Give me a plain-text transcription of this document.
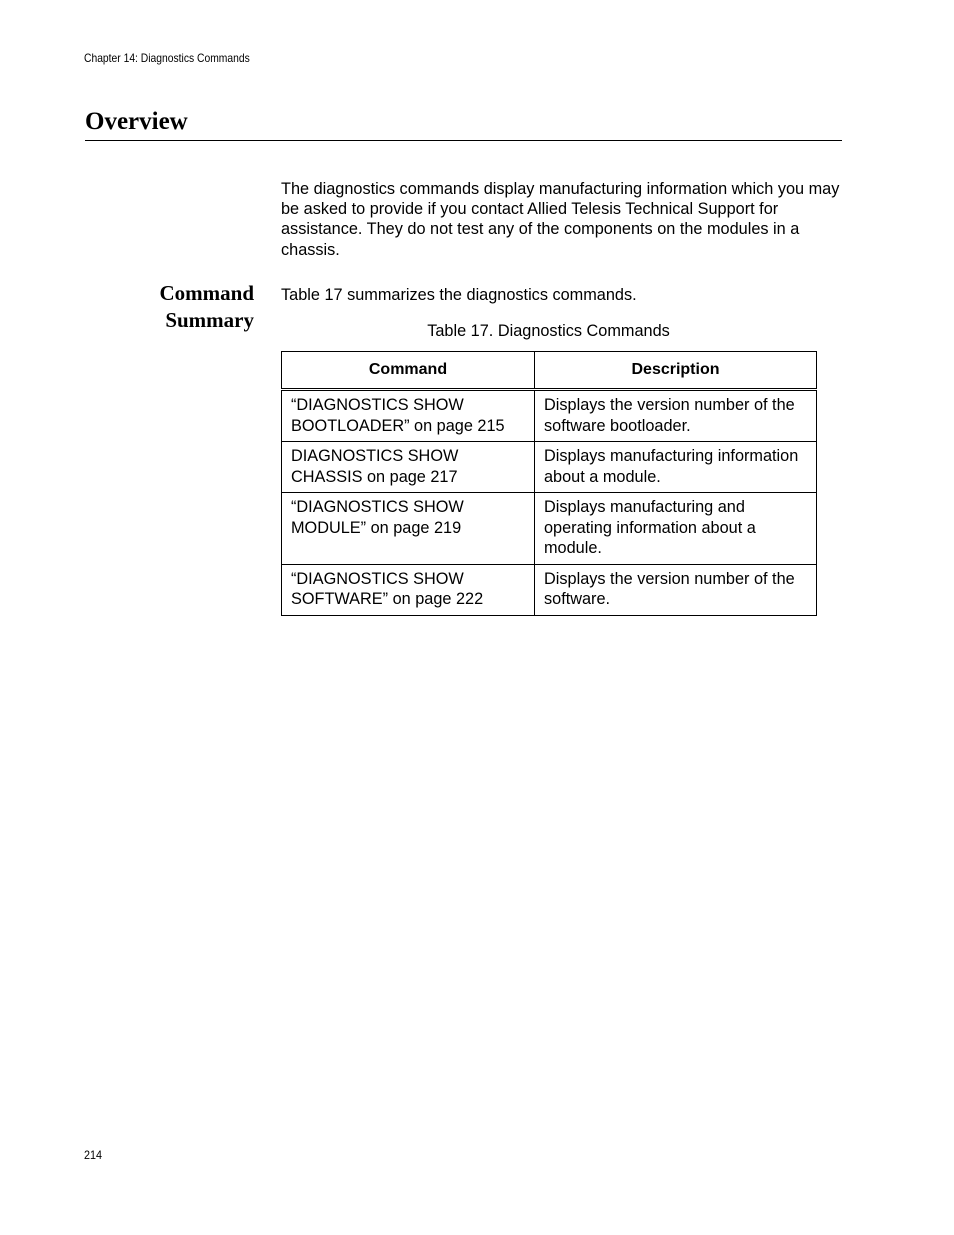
Chapter 14: Diagnostics Commands
Overview

The diagnostics commands display manufacturing information which you may be asked to provide if you contact Allied Telesis Technical Support for assistance. They do not test any of the components on the modules in a chassis.

Command
Summary

Table 17 summarizes the diagnostics commands.

Table 17. Diagnostics Commands

Command	Description
“DIAGNOSTICS SHOW BOOTLOADER” on page 215	Displays the version number of the software bootloader.
DIAGNOSTICS SHOW CHASSIS on page 217	Displays manufacturing information about a module.
“DIAGNOSTICS SHOW MODULE” on page 219	Displays manufacturing and operating information about a module.
“DIAGNOSTICS SHOW SOFTWARE” on page 222	Displays the version number of the software.
214
